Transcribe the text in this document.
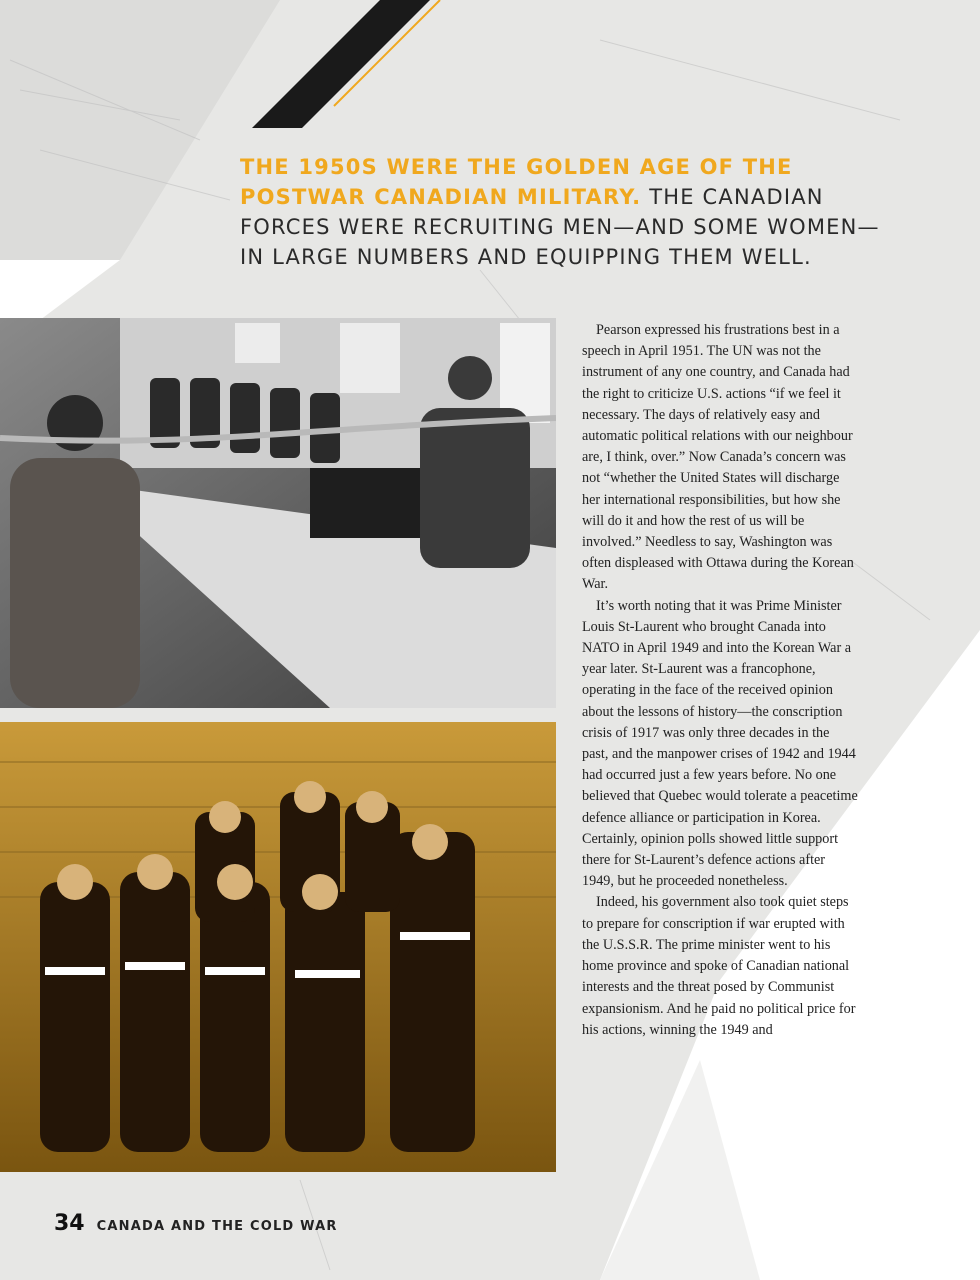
THE 1950S WERE THE GOLDEN AGE OF THE POSTWAR CANADIAN MILITARY. THE CANADIAN FORCES WERE RECRUITING MEN—AND SOME WOMEN—IN LARGE NUMBERS AND EQUIPPING THEM WELL.

Pearson expressed his frustrations best in a speech in April 1951. The UN was not the instrument of any one country, and Canada had the right to criticize U.S. actions “if we feel it necessary. The days of relatively easy and automatic political relations with our neighbour are, I think, over.” Now Canada’s concern was not “whether the United States will discharge her international responsibilities, but how she will do it and how the rest of us will be involved.” Needless to say, Washington was often displeased with Ottawa during the Korean War.

It’s worth noting that it was Prime Minister Louis St-Laurent who brought Canada into NATO in April 1949 and into the Korean War a year later. St-Laurent was a francophone, operating in the face of the received opinion about the lessons of history—the conscription crisis of 1917 was only three decades in the past, and the manpower crises of 1942 and 1944 had occurred just a few years before. No one believed that Quebec would tolerate a peacetime defence alliance or participation in Korea. Certainly, opinion polls showed little support there for St-Laurent’s defence actions after 1949, but he proceeded nonetheless.

Indeed, his government also took quiet steps to prepare for conscription if war erupted with the U.S.S.R. The prime minister went to his home province and spoke of Canadian national interests and the threat posed by Communist expansionism. And he paid no political price for his actions, winning the 1949 and

34 CANADA AND THE COLD WAR
